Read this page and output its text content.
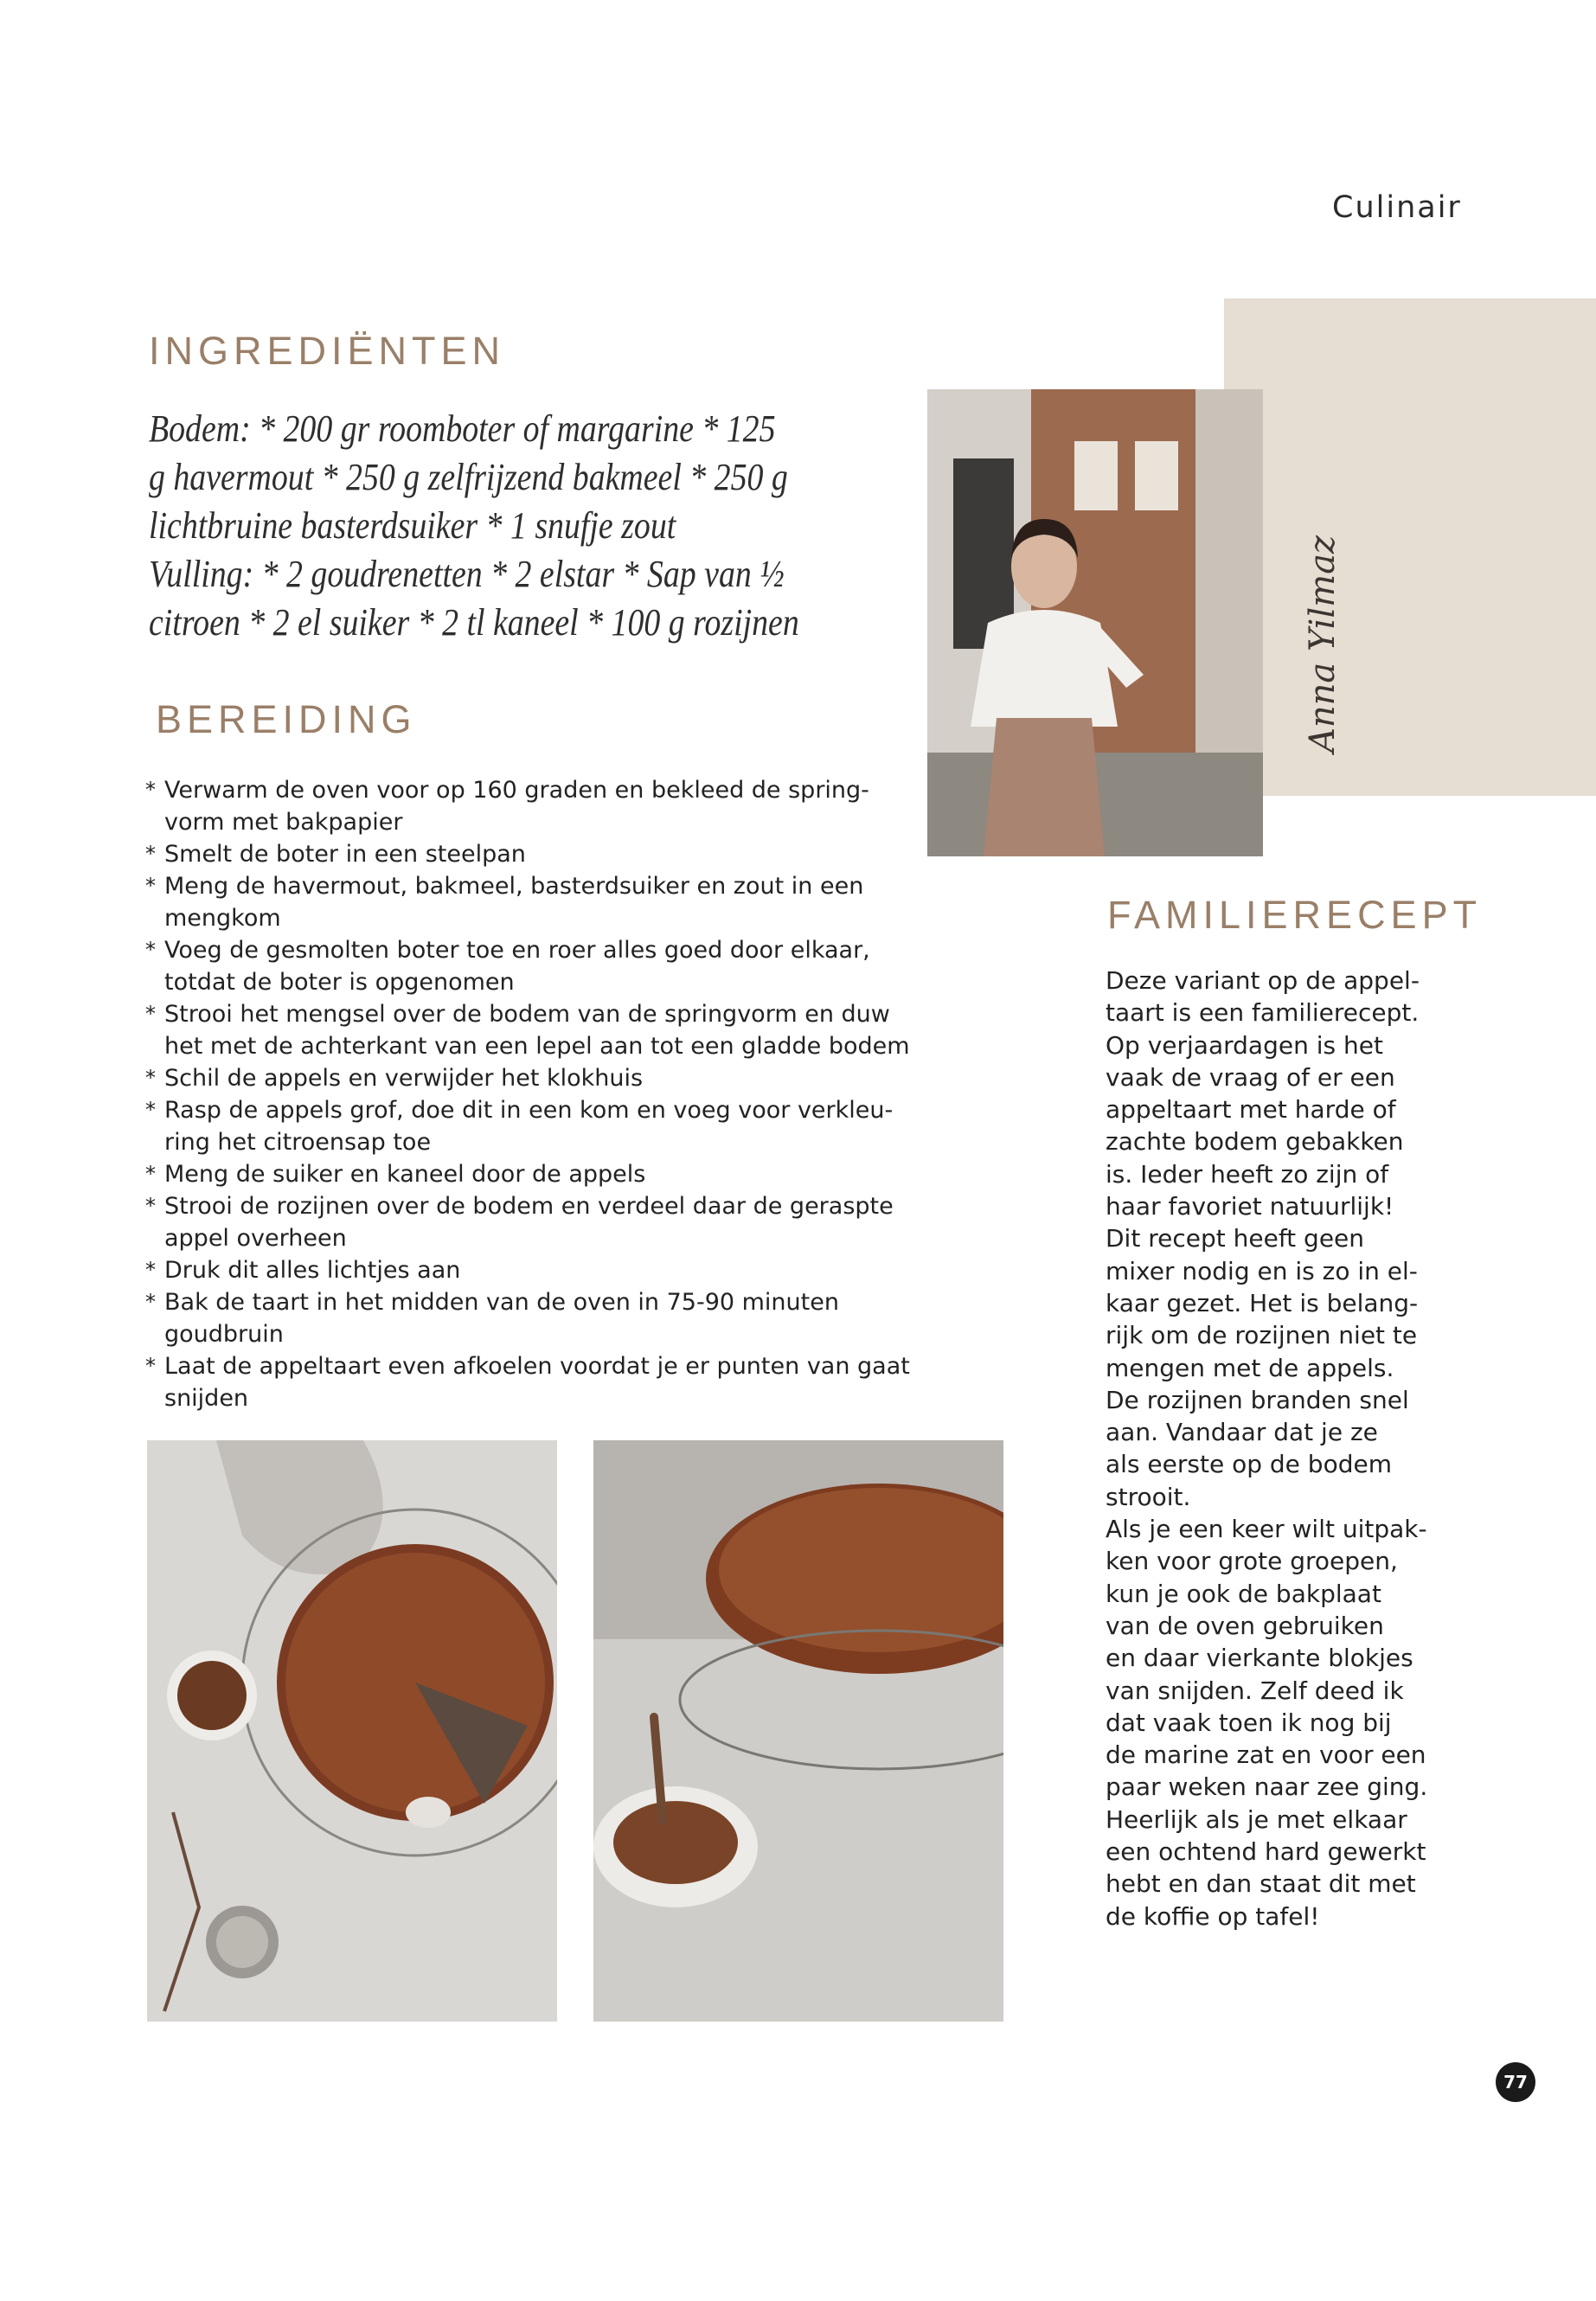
Culinair
INGREDIËNTEN
Bodem: * 200 gr roomboter of margarine * 125
g havermout * 250 g zelfrijzend bakmeel * 250 g
lichtbruine basterdsuiker * 1 snufje zout
Vulling: * 2 goudrenetten * 2 elstar * Sap van ½
citroen * 2 el suiker * 2 tl kaneel * 100 g rozijnen
BEREIDING
* Verwarm de oven voor op 160 graden en bekleed de spring-
vorm met bakpapier
* Smelt de boter in een steelpan
* Meng de havermout, bakmeel, basterdsuiker en zout in een
mengkom
* Voeg de gesmolten boter toe en roer alles goed door elkaar,
totdat de boter is opgenomen
* Strooi het mengsel over de bodem van de springvorm en duw
het met de achterkant van een lepel aan tot een gladde bodem
* Schil de appels en verwijder het klokhuis
* Rasp de appels grof, doe dit in een kom en voeg voor verkleu-
ring het citroensap toe
* Meng de suiker en kaneel door de appels
* Strooi de rozijnen over de bodem en verdeel daar de geraspte
appel overheen
* Druk dit alles lichtjes aan
* Bak de taart in het midden van de oven in 75-90 minuten
goudbruin
* Laat de appeltaart even afkoelen voordat je er punten van gaat
snijden
FAMILIERECEPT
Deze variant op de appel-
taart is een familierecept.
Op verjaardagen is het
vaak de vraag of er een
appeltaart met harde of
zachte bodem gebakken
is. Ieder heeft zo zijn of
haar favoriet natuurlijk!
Dit recept heeft geen
mixer nodig en is zo in el-
kaar gezet. Het is belang-
rijk om de rozijnen niet te
mengen met de appels.
De rozijnen branden snel
aan. Vandaar dat je ze
als eerste op de bodem
strooit.
Als je een keer wilt uitpak-
ken voor grote groepen,
kun je ook de bakplaat
van de oven gebruiken
en daar vierkante blokjes
van snijden. Zelf deed ik
dat vaak toen ik nog bij
de marine zat en voor een
paar weken naar zee ging.
Heerlijk als je met elkaar
een ochtend hard gewerkt
hebt en dan staat dit met
de koffie op tafel!
77
